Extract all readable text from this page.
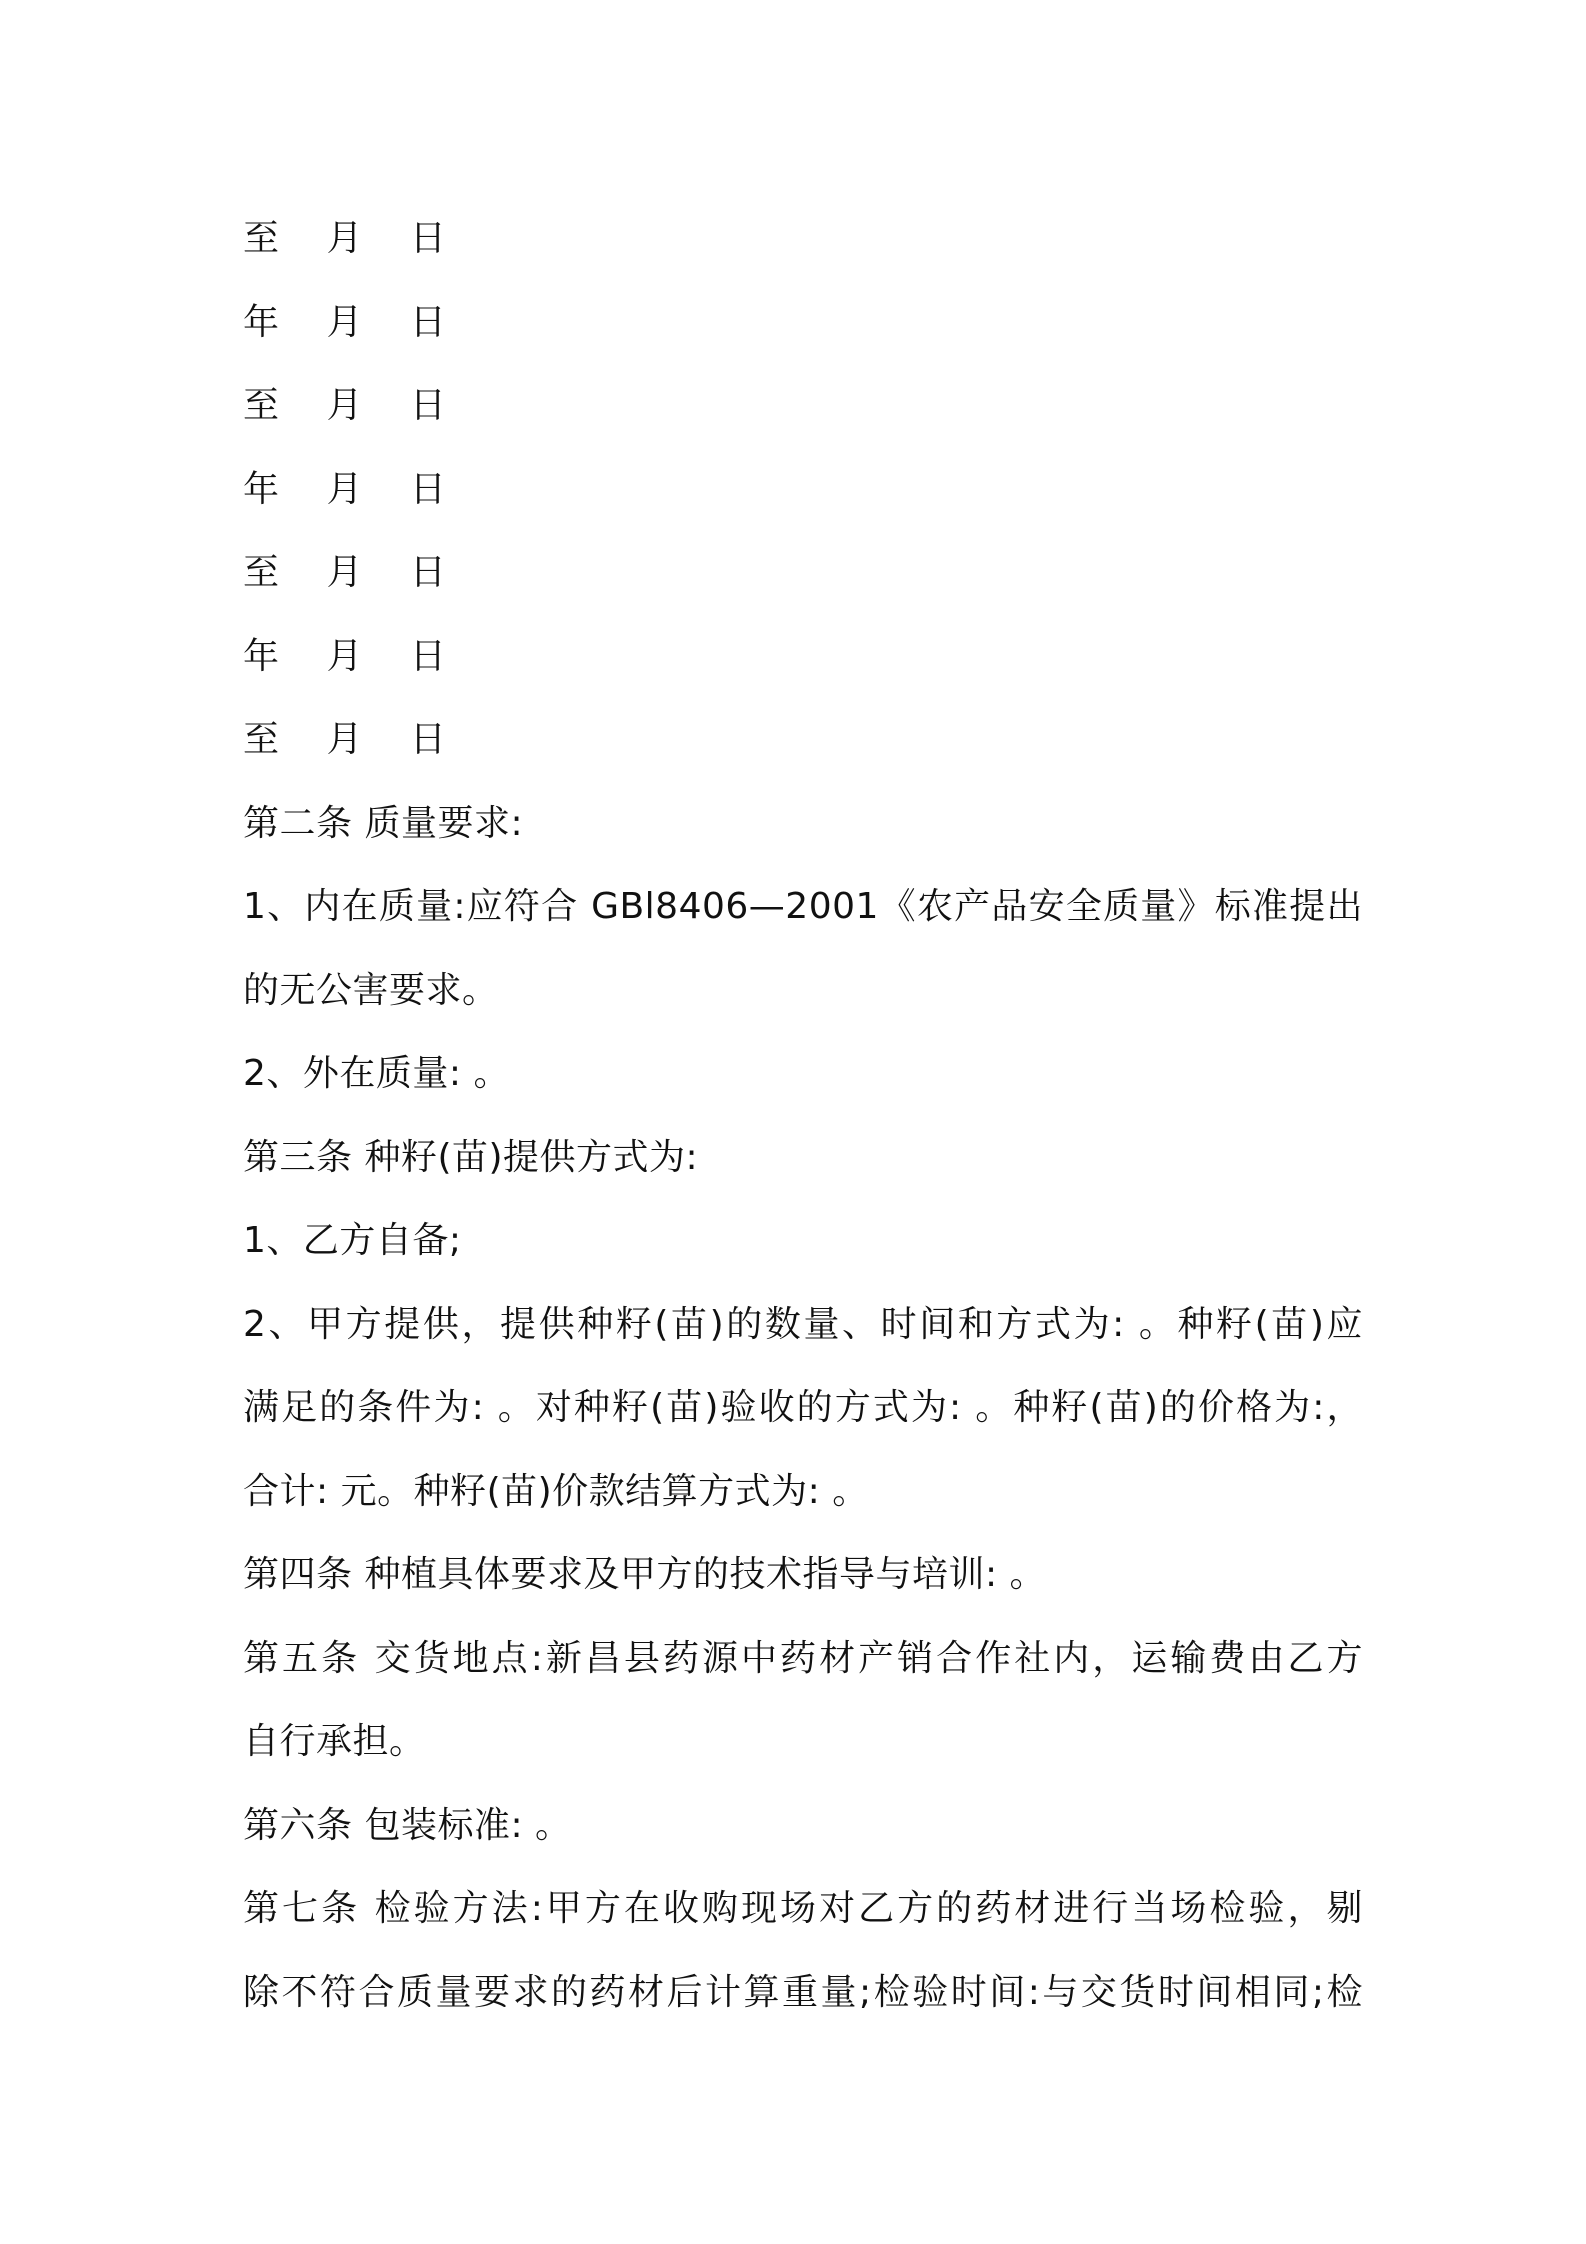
至 月 日
年 月 日
至 月 日
年 月 日
至 月 日
年 月 日
至 月 日
第二条 质量要求:
1、内在质量:应符合 GBl8406—2001《农产品安全质量》标准提出
的无公害要求。
2、外在质量: 。
第三条 种籽(苗)提供方式为:
1、乙方自备;
2、甲方提供，提供种籽(苗)的数量、时间和方式为: 。种籽(苗)应
满足的条件为: 。对种籽(苗)验收的方式为: 。种籽(苗)的价格为:，
合计: 元。种籽(苗)价款结算方式为: 。
第四条 种植具体要求及甲方的技术指导与培训: 。
第五条 交货地点:新昌县药源中药材产销合作社内，运输费由乙方
自行承担。
第六条 包装标准: 。
第七条 检验方法:甲方在收购现场对乙方的药材进行当场检验，剔
除不符合质量要求的药材后计算重量;检验时间:与交货时间相同;检
